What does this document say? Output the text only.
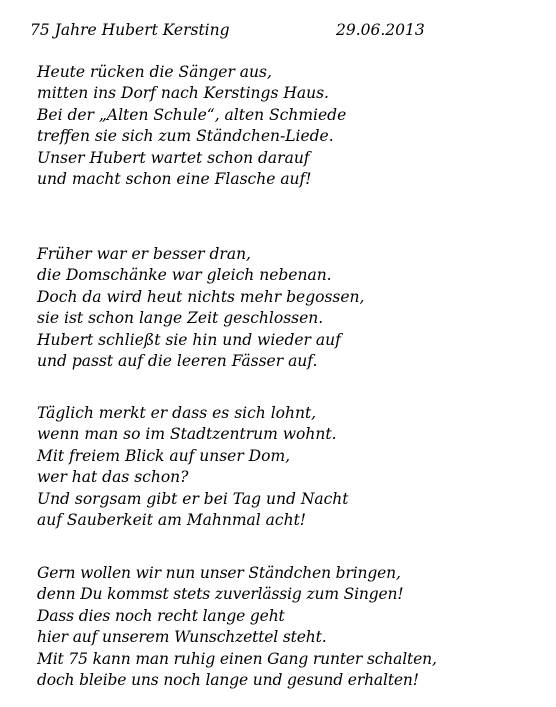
75 Jahre Hubert Kersting	29.06.2013
Heute rücken die Sänger aus,
mitten ins Dorf nach Kerstings Haus.
Bei der „Alten Schule“, alten Schmiede
treffen sie sich zum Ständchen-Liede.
Unser Hubert wartet schon darauf
und macht schon eine Flasche auf!
Früher war er besser dran,
die Domschänke war gleich nebenan.
Doch da wird heut nichts mehr begossen,
sie ist schon lange Zeit geschlossen.
Hubert schließt sie hin und wieder auf
und passt auf die leeren Fässer auf.
Täglich merkt er dass es sich lohnt,
wenn man so im Stadtzentrum wohnt.
Mit freiem Blick auf unser Dom,
wer hat das schon?
Und sorgsam gibt er bei Tag und Nacht
auf Sauberkeit am Mahnmal acht!
Gern wollen wir nun unser Ständchen bringen,
denn Du kommst stets zuverlässig zum Singen!
Dass dies noch recht lange geht
hier auf unserem Wunschzettel steht.
Mit 75 kann man ruhig einen Gang runter schalten,
doch bleibe uns noch lange und gesund erhalten!
